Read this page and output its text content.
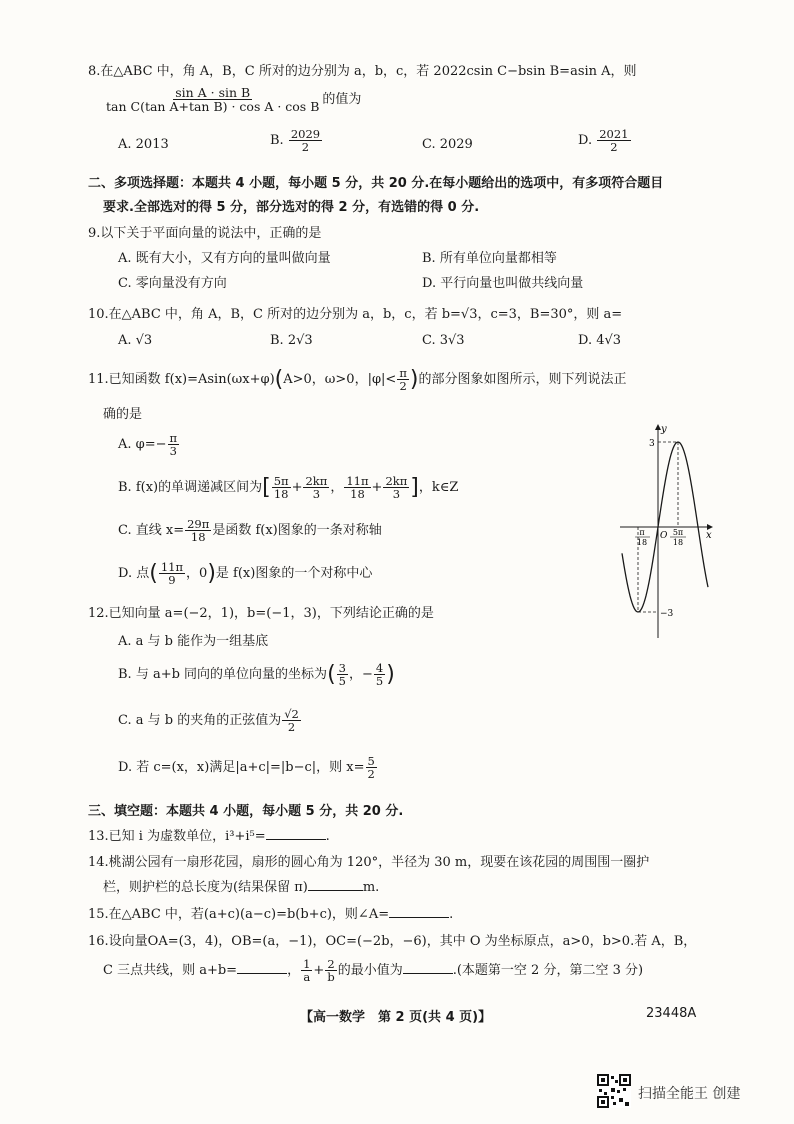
8.在△ABC 中，角 A，B，C 所对的边分别为 a，b，c，若 2022csin C−bsin B=asin A，则
$\frac{\text{sin A · sin B}}{\text{tan C(tan A+tan B) · cos A · cos B}}$ 的值为
A. 2013	B. $\frac{2029}{2}$	C. 2029	D. $\frac{2021}{2}$
二、多项选择题：本题共 4 小题，每小题 5 分，共 20 分.在每小题给出的选项中，有多项符合题目
要求.全部选对的得 5 分，部分选对的得 2 分，有选错的得 0 分.
9.以下关于平面向量的说法中，正确的是
A. 既有大小，又有方向的量叫做向量	B. 所有单位向量都相等
C. 零向量没有方向	D. 平行向量也叫做共线向量
10.在△ABC 中，角 A，B，C 所对的边分别为 a，b，c，若 b=√3，c=3，B=30°，则 a=
A. √3	B. 2√3	C. 3√3	D. 4√3
11.已知函数 f(x)=Asin(ωx+φ)(A>0，ω>0，$|\varphi|< \frac{\pi}{2}$ )的部分图象如图所示，则下列说法正
确的是
A. $\varphi=- \frac{\pi}{3}$
B. f(x)的单调递减区间为[ $\frac{5\pi}{18} + \frac{2k\pi}{3}$ ， $\frac{11\pi}{18} + \frac{2k\pi}{3}$ ]，k∈Z
C. 直线 $x= \frac{29\pi}{18}$ 是函数 f(x)图象的一条对称轴
D. 点( $\frac{11\pi}{9}$ ，0)是 f(x)图象的一个对称中心
y
x
O
3
−3
π
18
5π
18
12.已知向量 a=(−2，1)，b=(−1，3)，下列结论正确的是
A. a 与 b 能作为一组基底
B. 与 a+b 同向的单位向量的坐标为( $\frac{3}{5}$ ，− $\frac{4}{5}$ )
C. a 与 b 的夹角的正弦值为 $\frac{√2}{2}$
D. 若 c=(x，x)满足|a+c|=|b−c|，则 $x= \frac{5}{2}$
三、填空题：本题共 4 小题，每小题 5 分，共 20 分.
13.已知 i 为虚数单位，i³+i⁵=	.
14.桃湖公园有一扇形花园，扇形的圆心角为 120°，半径为 30 m，现要在该花园的周围围一圈护
栏，则护栏的总长度为(结果保留 π)	m.
15.在△ABC 中，若(a+c)(a−c)=b(b+c)，则∠A=	.
16.设向量OA=(3，4)，OB=(a，−1)，OC=(−2b，−6)，其中 O 为坐标原点，a>0，b>0.若 A，B，
C 三点共线，则 a+b=	， $\frac{1}{a} + \frac{2}{b}$ 的最小值为	.(本题第一空 2 分，第二空 3 分)
【高一数学　第 2 页(共 4 页)】	23448A
扫描全能王 创建
